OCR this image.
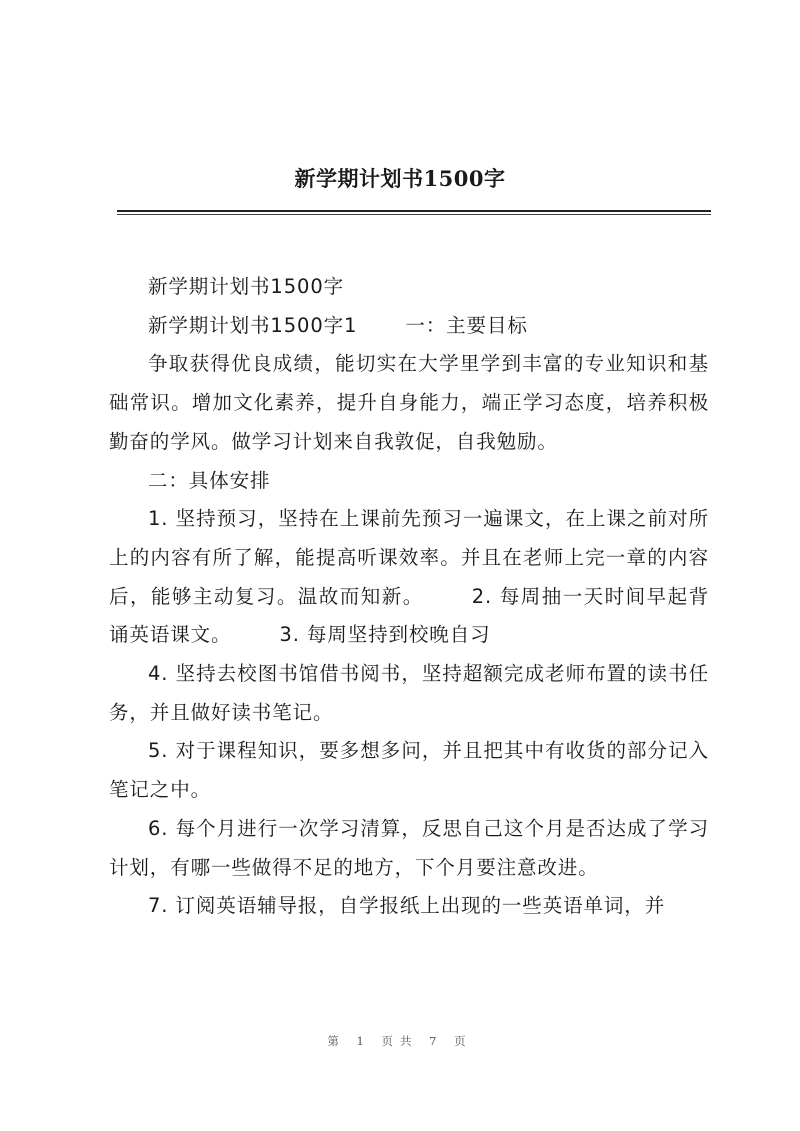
新学期计划书1500字

新学期计划书1500字

新学期计划书1500字1 一：主要目标

争取获得优良成绩，能切实在大学里学到丰富的专业知识和基础常识。增加文化素养，提升自身能力，端正学习态度，培养积极勤奋的学风。做学习计划来自我敦促，自我勉励。

二：具体安排

1. 坚持预习，坚持在上课前先预习一遍课文，在上课之前对所上的内容有所了解，能提高听课效率。并且在老师上完一章的内容后，能够主动复习。温故而知新。 2. 每周抽一天时间早起背诵英语课文。 3. 每周坚持到校晚自习

4. 坚持去校图书馆借书阅书，坚持超额完成老师布置的读书任务，并且做好读书笔记。

5. 对于课程知识，要多想多问，并且把其中有收货的部分记入笔记之中。

6. 每个月进行一次学习清算，反思自己这个月是否达成了学习计划，有哪一些做得不足的地方，下个月要注意改进。

7. 订阅英语辅导报，自学报纸上出现的一些英语单词，并

第 1 页共 7 页
